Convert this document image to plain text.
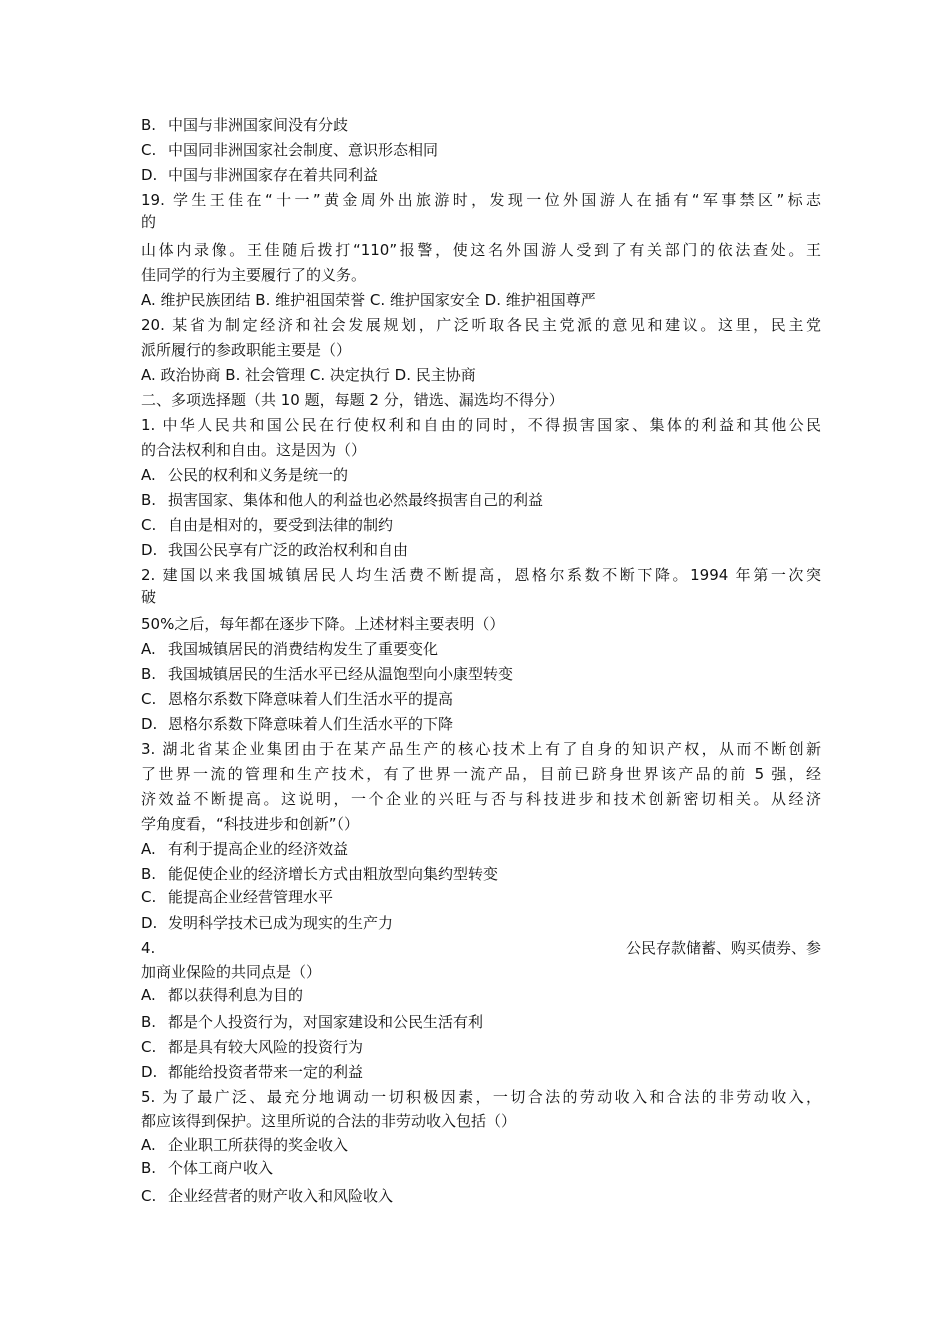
B. 中国与非洲国家间没有分歧
C. 中国同非洲国家社会制度、意识形态相同
D. 中国与非洲国家存在着共同利益
19. 学生王佳在“十一”黄金周外出旅游时，发现一位外国游人在插有“军事禁区”标志
的
山体内录像。王佳随后拨打“110”报警，使这名外国游人受到了有关部门的依法查处。王
佳同学的行为主要履行了的义务。
A. 维护民族团结 B. 维护祖国荣誉 C. 维护国家安全 D. 维护祖国尊严
20. 某省为制定经济和社会发展规划，广泛听取各民主党派的意见和建议。这里，民主党
派所履行的参政职能主要是（）
A. 政治协商 B. 社会管理 C. 决定执行 D. 民主协商
二、多项选择题（共 10 题，每题 2 分，错选、漏选均不得分）
1. 中华人民共和国公民在行使权利和自由的同时，不得损害国家、集体的利益和其他公民
的合法权利和自由。这是因为（）
A. 公民的权利和义务是统一的
B. 损害国家、集体和他人的利益也必然最终损害自己的利益
C. 自由是相对的，要受到法律的制约
D. 我国公民享有广泛的政治权利和自由
2. 建国以来我国城镇居民人均生活费不断提高，恩格尔系数不断下降。1994 年第一次突
破
50%之后，每年都在逐步下降。上述材料主要表明（）
A. 我国城镇居民的消费结构发生了重要变化
B. 我国城镇居民的生活水平已经从温饱型向小康型转变
C. 恩格尔系数下降意味着人们生活水平的提高
D. 恩格尔系数下降意味着人们生活水平的下降
3. 湖北省某企业集团由于在某产品生产的核心技术上有了自身的知识产权，从而不断创新
了世界一流的管理和生产技术，有了世界一流产品，目前已跻身世界该产品的前 5 强，经
济效益不断提高。这说明，一个企业的兴旺与否与科技进步和技术创新密切相关。从经济
学角度看，“科技进步和创新”（）
A. 有利于提高企业的经济效益
B. 能促使企业的经济增长方式由粗放型向集约型转变
C. 能提高企业经营管理水平
D. 发明科学技术已成为现实的生产力
4.	公民存款储蓄、购买债券、参
加商业保险的共同点是（）
A. 都以获得利息为目的
B. 都是个人投资行为，对国家建设和公民生活有利
C. 都是具有较大风险的投资行为
D. 都能给投资者带来一定的利益
5. 为了最广泛、最充分地调动一切积极因素，一切合法的劳动收入和合法的非劳动收入，
都应该得到保护。这里所说的合法的非劳动收入包括（）
A. 企业职工所获得的奖金收入
B. 个体工商户收入
C. 企业经营者的财产收入和风险收入
